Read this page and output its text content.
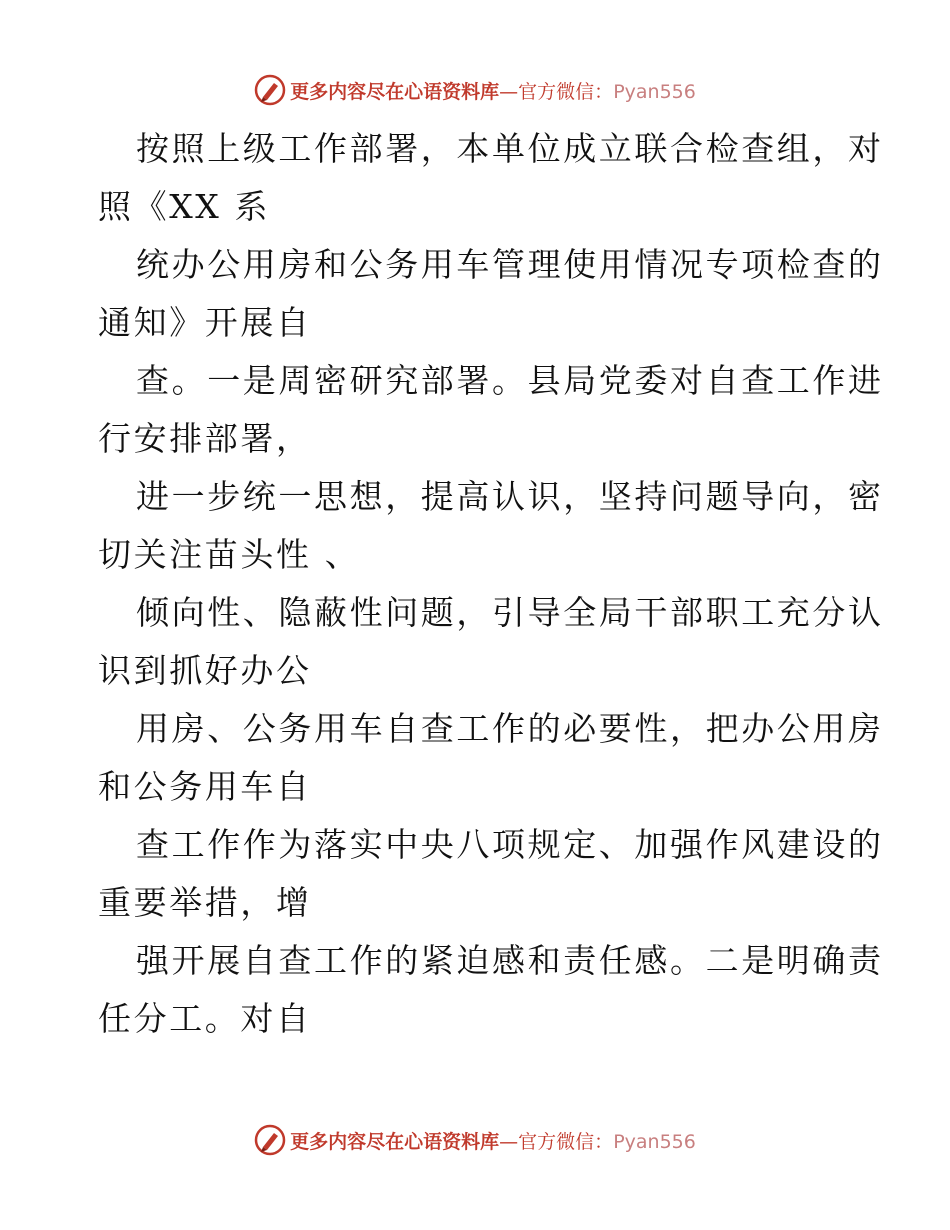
更多内容尽在心语资料库—官方微信：Pyan556

按照上级工作部署，本单位成立联合检查组，对
照《XX 系

统办公用房和公务用车管理使用情况专项检查的
通知》开展自

查。一是周密研究部署。县局党委对自查工作进
行安排部署，

进一步统一思想，提高认识，坚持问题导向，密
切关注苗头性 、

倾向性、隐蔽性问题，引导全局干部职工充分认
识到抓好办公

用房、公务用车自查工作的必要性，把办公用房
和公务用车自

查工作作为落实中央八项规定、加强作风建设的
重要举措，增

强开展自查工作的紧迫感和责任感。二是明确责
任分工。对自

更多内容尽在心语资料库—官方微信：Pyan556
